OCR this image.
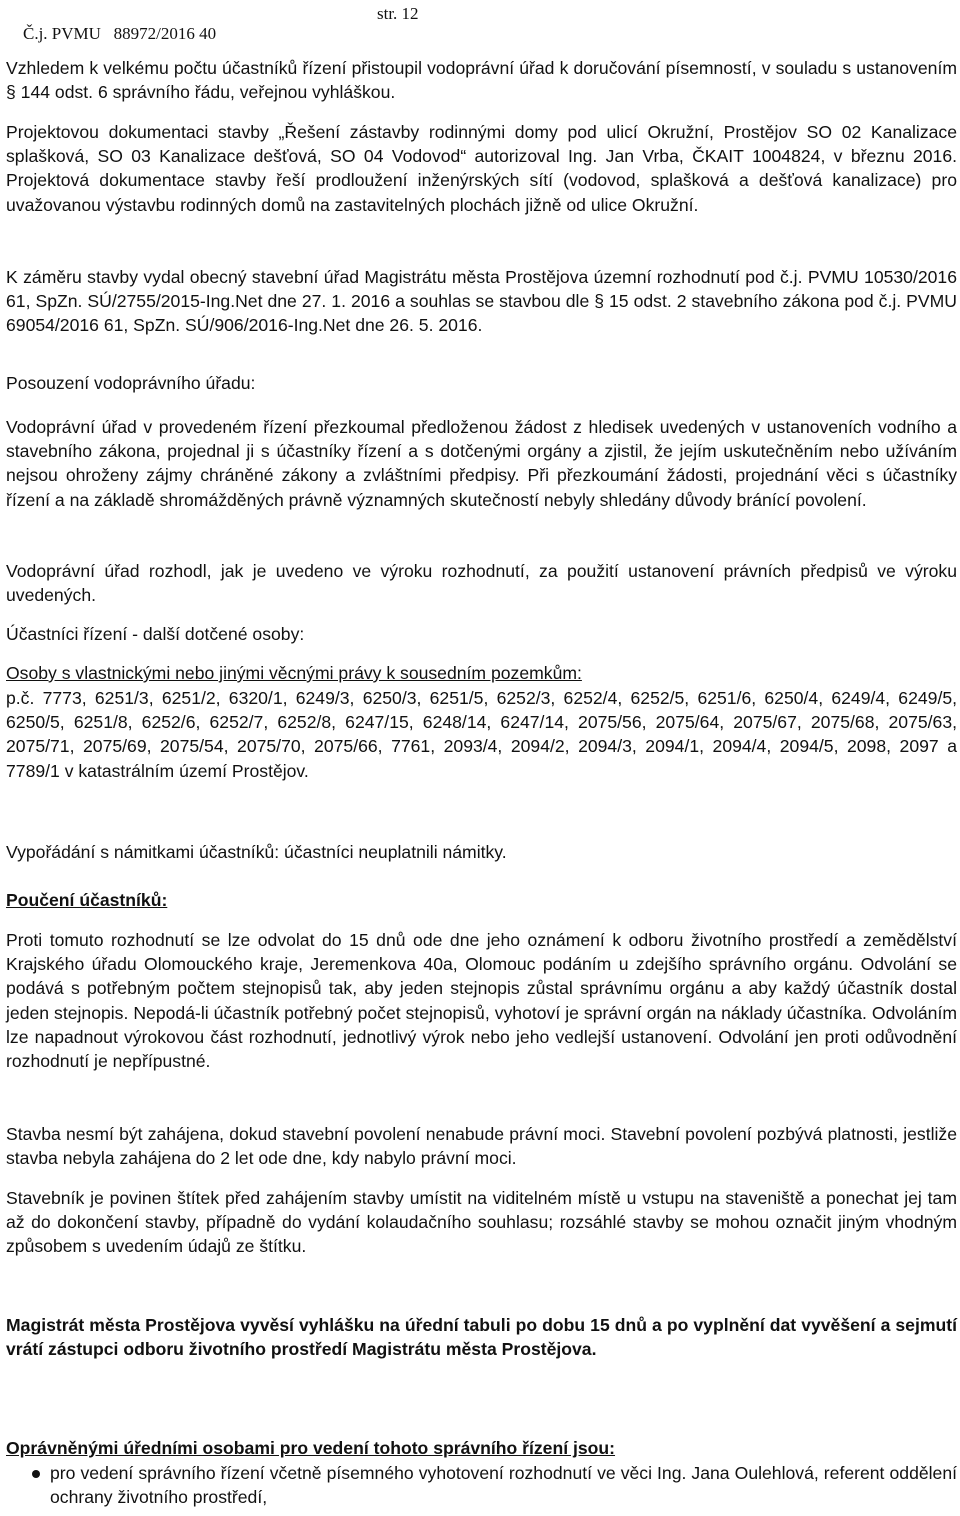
Č.j. PVMU   88972/2016 40

str. 12

Vzhledem k velkému počtu účastníků řízení přistoupil vodoprávní úřad k doručování písemností, v souladu s ustanovením § 144 odst. 6 správního řádu, veřejnou vyhláškou.

Projektovou dokumentaci stavby „Řešení zástavby rodinnými domy pod ulicí Okružní, Prostějov SO 02 Kanalizace splašková, SO 03 Kanalizace dešťová, SO 04 Vodovod“ autorizoval Ing. Jan Vrba, ČKAIT 1004824, v březnu 2016. Projektová dokumentace stavby řeší prodloužení inženýrských sítí (vodovod, splašková a dešťová kanalizace) pro uvažovanou výstavbu rodinných domů na zastavitelných plochách jižně od ulice Okružní.

K záměru stavby vydal obecný stavební úřad Magistrátu města Prostějova územní rozhodnutí pod č.j. PVMU 10530/2016 61, SpZn. SÚ/2755/2015-Ing.Net dne 27. 1. 2016 a souhlas se stavbou dle § 15 odst. 2 stavebního zákona pod č.j. PVMU 69054/2016 61, SpZn. SÚ/906/2016-Ing.Net dne 26. 5. 2016.

Posouzení vodoprávního úřadu:

Vodoprávní úřad v provedeném řízení přezkoumal předloženou žádost z hledisek uvedených v ustanoveních vodního a stavebního zákona, projednal ji s účastníky řízení a s dotčenými orgány a zjistil, že jejím uskutečněním nebo užíváním nejsou ohroženy zájmy chráněné zákony a zvláštními předpisy. Při přezkoumání žádosti, projednání věci s účastníky řízení a na základě shromážděných právně významných skutečností nebyly shledány důvody bránící povolení.

Vodoprávní úřad rozhodl, jak je uvedeno ve výroku rozhodnutí, za použití ustanovení právních předpisů ve výroku uvedených.

Účastníci řízení - další dotčené osoby:

Osoby s vlastnickými nebo jinými věcnými právy k sousedním pozemkům:

p.č. 7773, 6251/3, 6251/2, 6320/1, 6249/3, 6250/3, 6251/5, 6252/3, 6252/4, 6252/5, 6251/6, 6250/4, 6249/4, 6249/5, 6250/5, 6251/8, 6252/6, 6252/7, 6252/8, 6247/15, 6248/14, 6247/14, 2075/56, 2075/64, 2075/67, 2075/68, 2075/63, 2075/71, 2075/69, 2075/54, 2075/70, 2075/66, 7761, 2093/4, 2094/2, 2094/3, 2094/1, 2094/4, 2094/5, 2098, 2097 a 7789/1 v katastrálním území Prostějov.

Vypořádání s námitkami účastníků: účastníci neuplatnili námitky.

Poučení účastníků:

Proti tomuto rozhodnutí se lze odvolat do 15 dnů ode dne jeho oznámení k odboru životního prostředí a zemědělství Krajského úřadu Olomouckého kraje, Jeremenkova 40a, Olomouc podáním u zdejšího správního orgánu. Odvolání se podává s potřebným počtem stejnopisů tak, aby jeden stejnopis zůstal správnímu orgánu a aby každý účastník dostal jeden stejnopis. Nepodá-li účastník potřebný počet stejnopisů, vyhotoví je správní orgán na náklady účastníka. Odvoláním lze napadnout výrokovou část rozhodnutí, jednotlivý výrok nebo jeho vedlejší ustanovení. Odvolání jen proti odůvodnění rozhodnutí je nepřípustné.

Stavba nesmí být zahájena, dokud stavební povolení nenabude právní moci. Stavební povolení pozbývá platnosti, jestliže stavba nebyla zahájena do 2 let ode dne, kdy nabylo právní moci.

Stavebník je povinen štítek před zahájením stavby umístit na viditelném místě u vstupu na staveniště a ponechat jej tam až do dokončení stavby, případně do vydání kolaudačního souhlasu; rozsáhlé stavby se mohou označit jiným vhodným způsobem s uvedením údajů ze štítku.

Magistrát města Prostějova vyvěsí vyhlášku na úřední tabuli po dobu 15 dnů a po vyplnění dat vyvěšení a sejmutí vrátí zástupci odboru životního prostředí Magistrátu města Prostějova.

Oprávněnými úředními osobami pro vedení tohoto správního řízení jsou:

pro vedení správního řízení včetně písemného vyhotovení rozhodnutí ve věci Ing. Jana Oulehlová, referent oddělení ochrany životního prostředí,
